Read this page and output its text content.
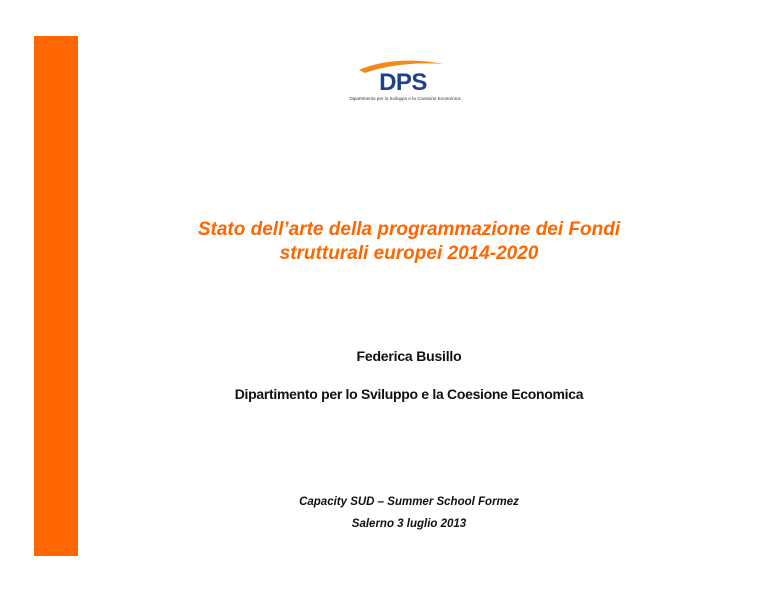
DPS
Dipartimento per lo Sviluppo e la Coesione Economica
Stato dell’arte della programmazione dei Fondi
strutturali europei 2014-2020
Federica Busillo
Dipartimento per lo Sviluppo e la Coesione Economica
Capacity SUD – Summer School Formez
Salerno 3 luglio 2013
